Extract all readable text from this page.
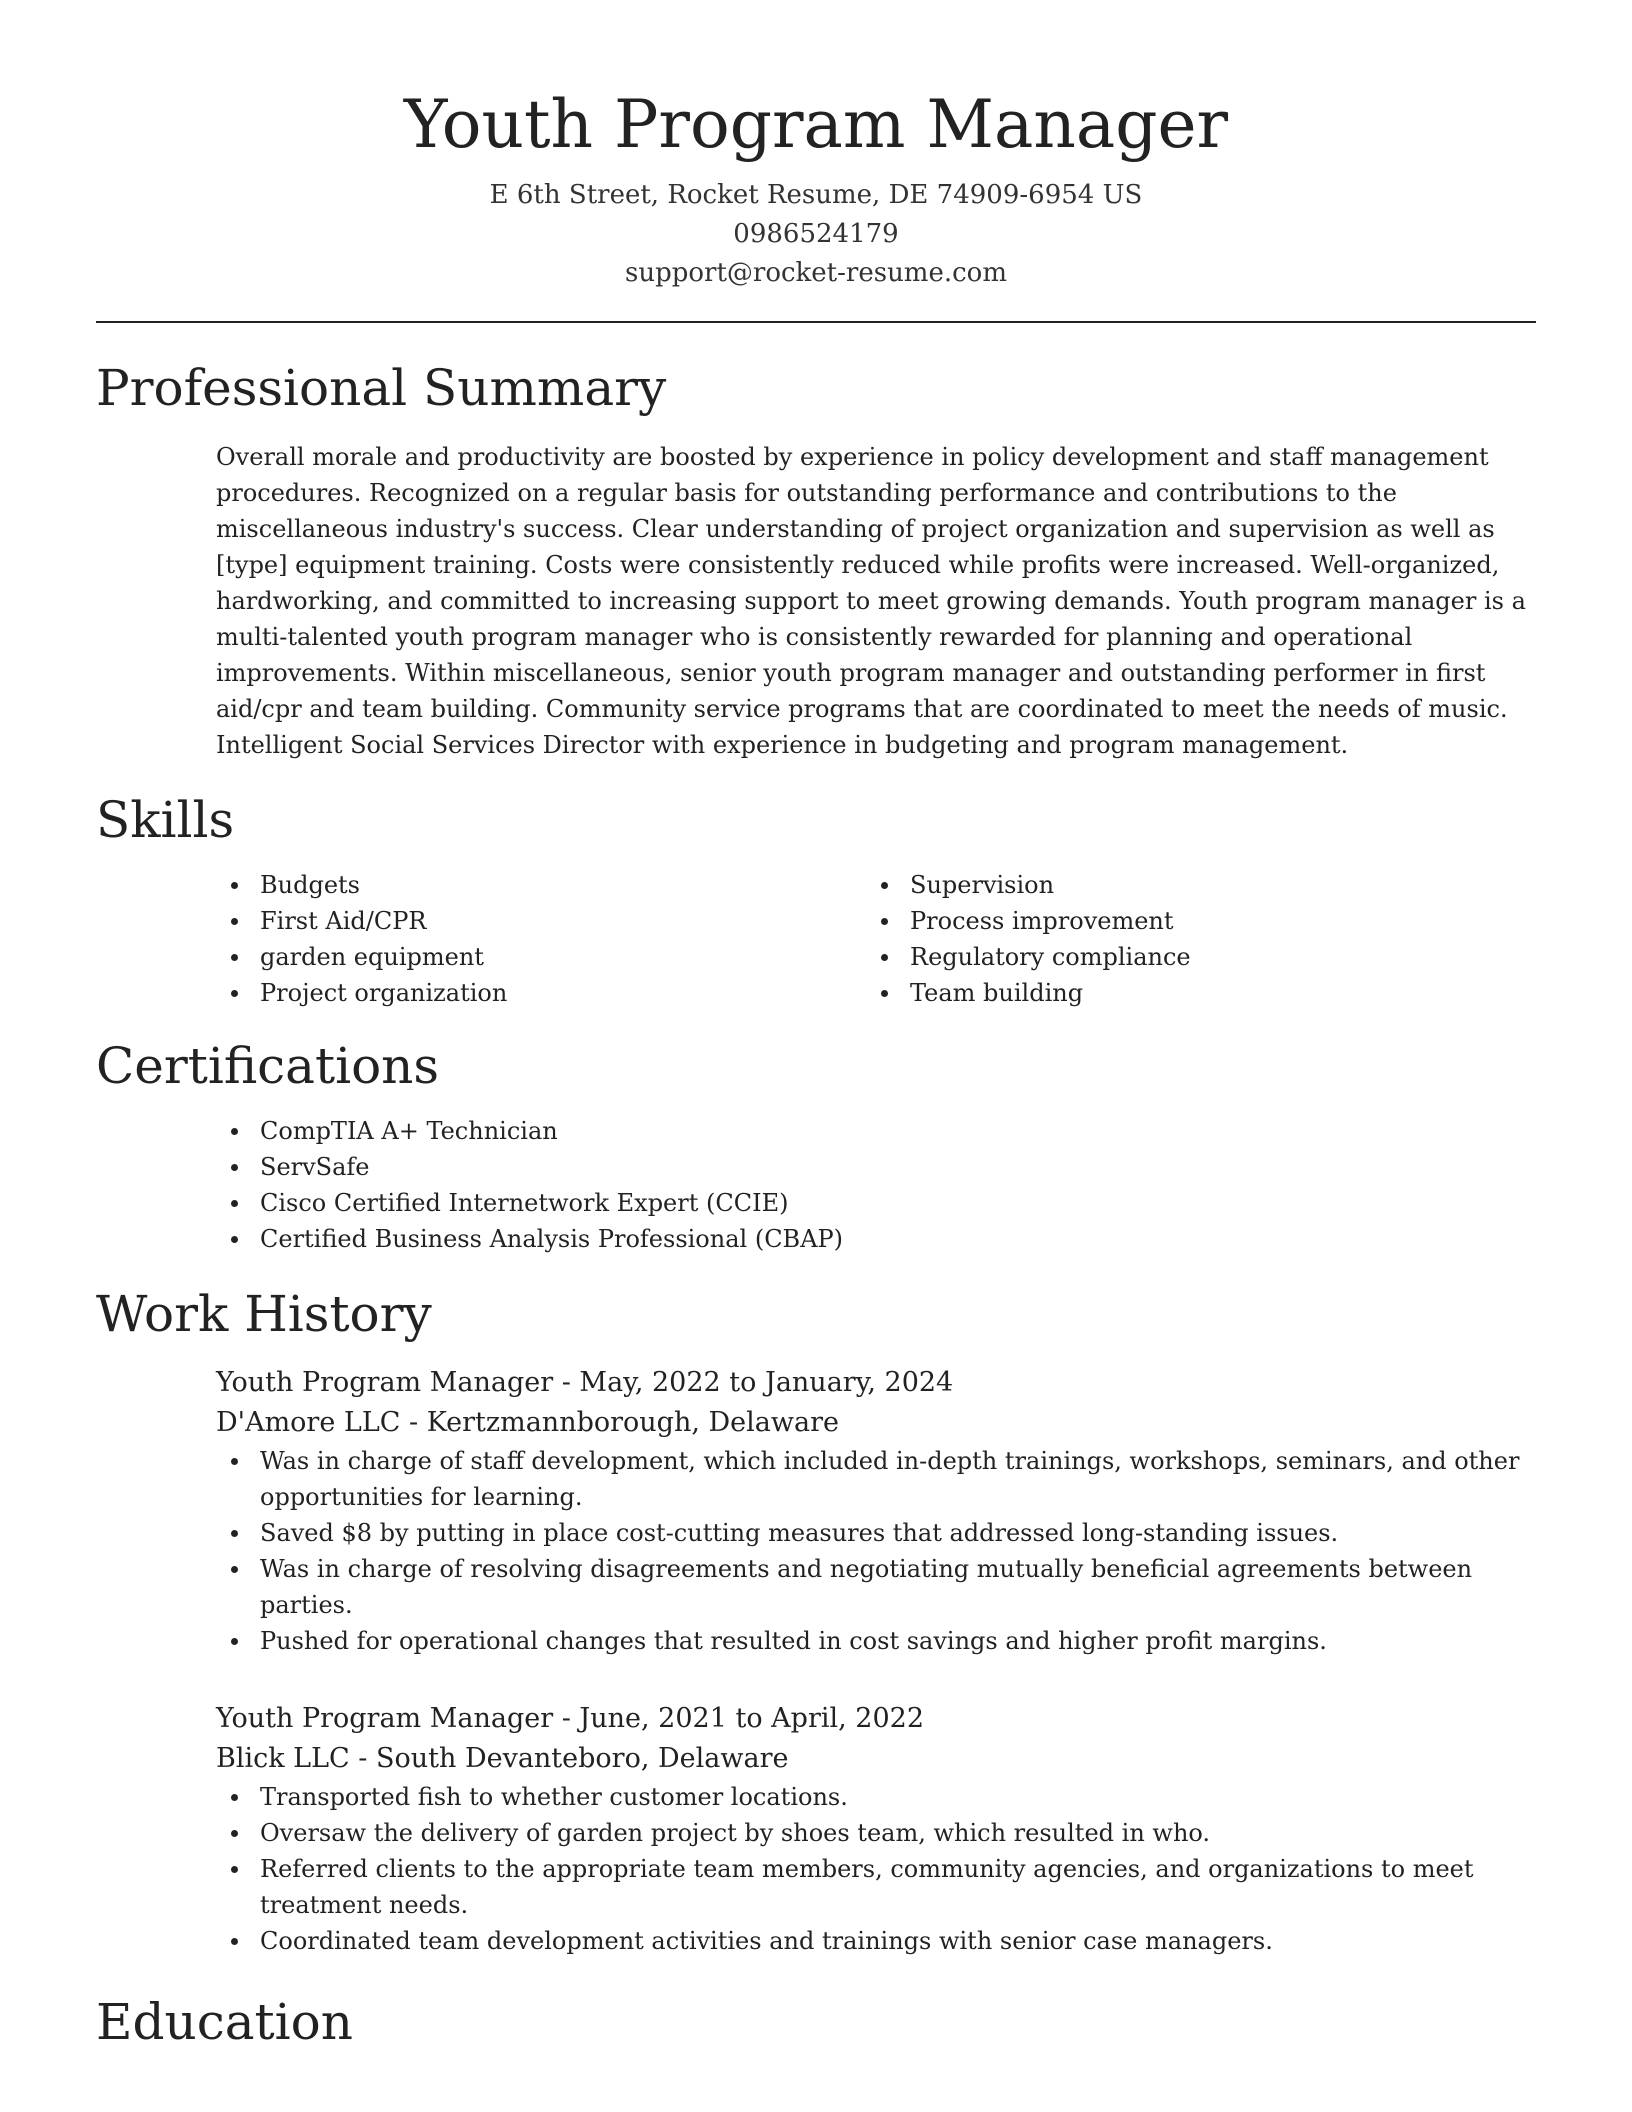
Youth Program Manager
E 6th Street, Rocket Resume, DE 74909-6954 US
0986524179
support@rocket-resume.com
Professional Summary
Overall morale and productivity are boosted by experience in policy development and staff management procedures. Recognized on a regular basis for outstanding performance and contributions to the miscellaneous industry's success. Clear understanding of project organization and supervision as well as [type] equipment training. Costs were consistently reduced while profits were increased. Well-organized, hardworking, and committed to increasing support to meet growing demands. Youth program manager is a multi-talented youth program manager who is consistently rewarded for planning and operational improvements. Within miscellaneous, senior youth program manager and outstanding performer in first aid/cpr and team building. Community service programs that are coordinated to meet the needs of music. Intelligent Social Services Director with experience in budgeting and program management.
Skills
Budgets
First Aid/CPR
garden equipment
Project organization
Supervision
Process improvement
Regulatory compliance
Team building
Certifications
CompTIA A+ Technician
ServSafe
Cisco Certified Internetwork Expert (CCIE)
Certified Business Analysis Professional (CBAP)
Work History
Youth Program Manager - May, 2022 to January, 2024
D'Amore LLC - Kertzmannborough, Delaware
Was in charge of staff development, which included in-depth trainings, workshops, seminars, and other opportunities for learning.
Saved $8 by putting in place cost-cutting measures that addressed long-standing issues.
Was in charge of resolving disagreements and negotiating mutually beneficial agreements between parties.
Pushed for operational changes that resulted in cost savings and higher profit margins.
Youth Program Manager - June, 2021 to April, 2022
Blick LLC - South Devanteboro, Delaware
Transported fish to whether customer locations.
Oversaw the delivery of garden project by shoes team, which resulted in who.
Referred clients to the appropriate team members, community agencies, and organizations to meet treatment needs.
Coordinated team development activities and trainings with senior case managers.
Education
